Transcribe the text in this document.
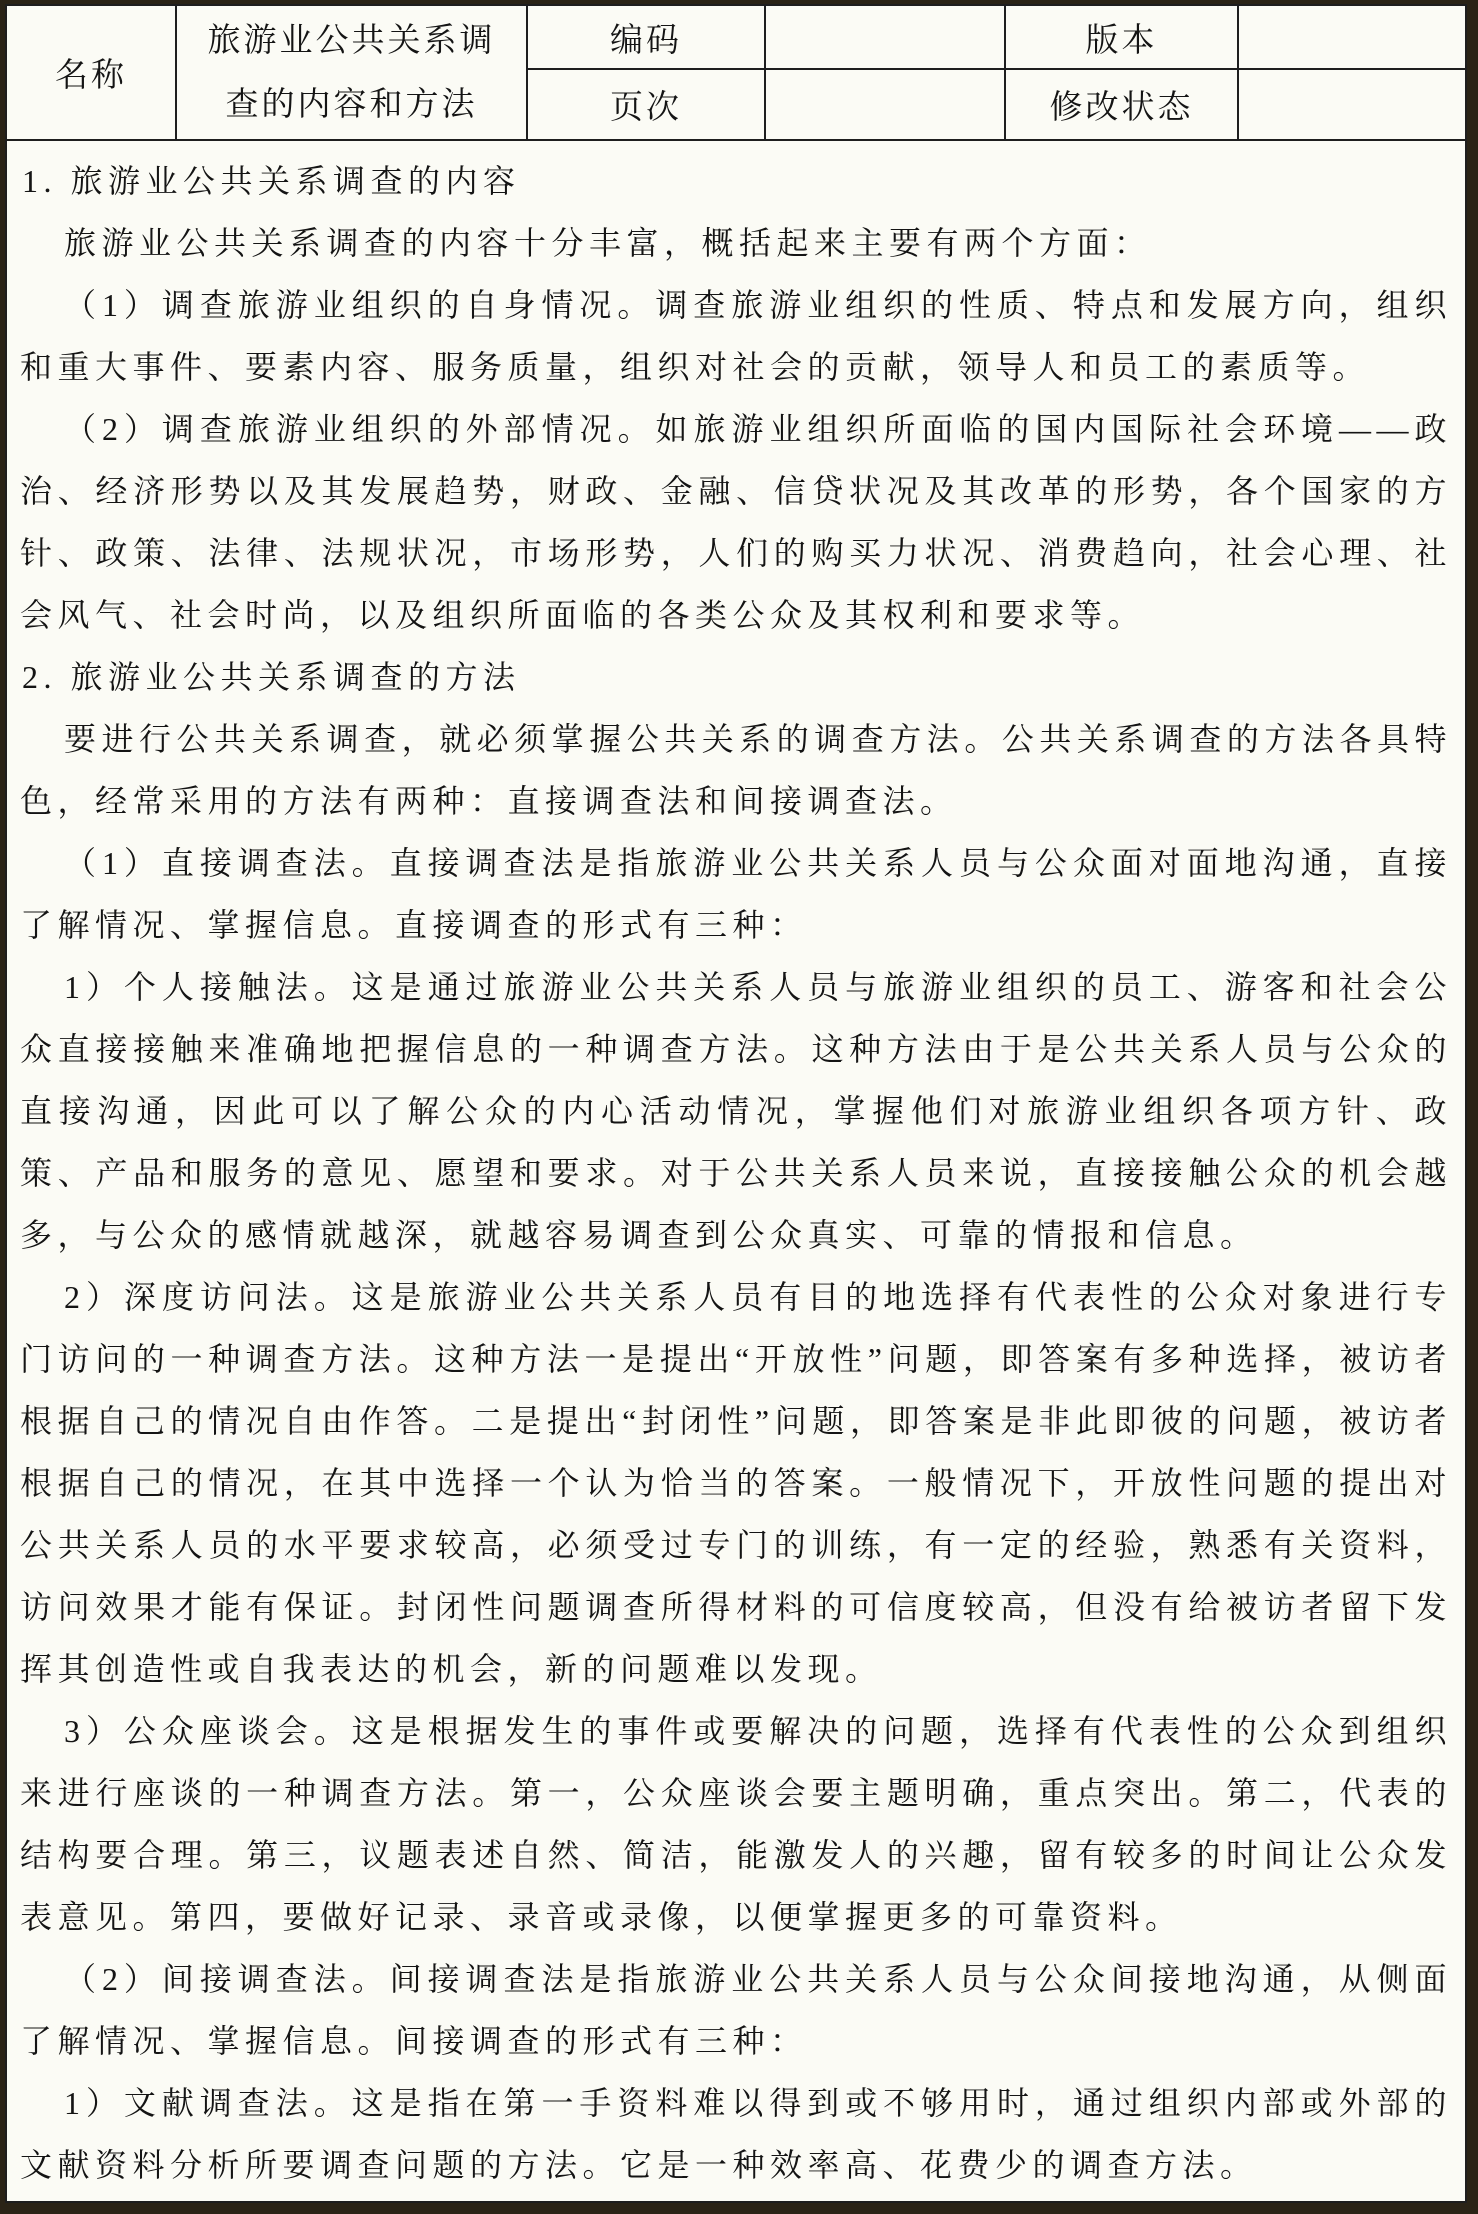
名称
旅游业公共关系调
查的内容和方法
编码	版本
页次	修改状态

1. 旅游业公共关系调查的内容

旅游业公共关系调查的内容十分丰富，概括起来主要有两个方面：

（1）调查旅游业组织的自身情况。调查旅游业组织的性质、特点和发展方向，组织和重大事件、要素内容、服务质量，组织对社会的贡献，领导人和员工的素质等。

（2）调查旅游业组织的外部情况。如旅游业组织所面临的国内国际社会环境——政治、经济形势以及其发展趋势，财政、金融、信贷状况及其改革的形势，各个国家的方针、政策、法律、法规状况，市场形势，人们的购买力状况、消费趋向，社会心理、社会风气、社会时尚，以及组织所面临的各类公众及其权利和要求等。

2. 旅游业公共关系调查的方法

要进行公共关系调查，就必须掌握公共关系的调查方法。公共关系调查的方法各具特色，经常采用的方法有两种：直接调查法和间接调查法。

（1）直接调查法。直接调查法是指旅游业公共关系人员与公众面对面地沟通，直接了解情况、掌握信息。直接调查的形式有三种：

1）个人接触法。这是通过旅游业公共关系人员与旅游业组织的员工、游客和社会公众直接接触来准确地把握信息的一种调查方法。这种方法由于是公共关系人员与公众的直接沟通，因此可以了解公众的内心活动情况，掌握他们对旅游业组织各项方针、政策、产品和服务的意见、愿望和要求。对于公共关系人员来说，直接接触公众的机会越多，与公众的感情就越深，就越容易调查到公众真实、可靠的情报和信息。

2）深度访问法。这是旅游业公共关系人员有目的地选择有代表性的公众对象进行专门访问的一种调查方法。这种方法一是提出“开放性”问题，即答案有多种选择，被访者根据自己的情况自由作答。二是提出“封闭性”问题，即答案是非此即彼的问题，被访者根据自己的情况，在其中选择一个认为恰当的答案。一般情况下，开放性问题的提出对公共关系人员的水平要求较高，必须受过专门的训练，有一定的经验，熟悉有关资料，访问效果才能有保证。封闭性问题调查所得材料的可信度较高，但没有给被访者留下发挥其创造性或自我表达的机会，新的问题难以发现。

3）公众座谈会。这是根据发生的事件或要解决的问题，选择有代表性的公众到组织来进行座谈的一种调查方法。第一，公众座谈会要主题明确，重点突出。第二，代表的结构要合理。第三，议题表述自然、简洁，能激发人的兴趣，留有较多的时间让公众发表意见。第四，要做好记录、录音或录像，以便掌握更多的可靠资料。

（2）间接调查法。间接调查法是指旅游业公共关系人员与公众间接地沟通，从侧面了解情况、掌握信息。间接调查的形式有三种：

1）文献调查法。这是指在第一手资料难以得到或不够用时，通过组织内部或外部的文献资料分析所要调查问题的方法。它是一种效率高、花费少的调查方法。
